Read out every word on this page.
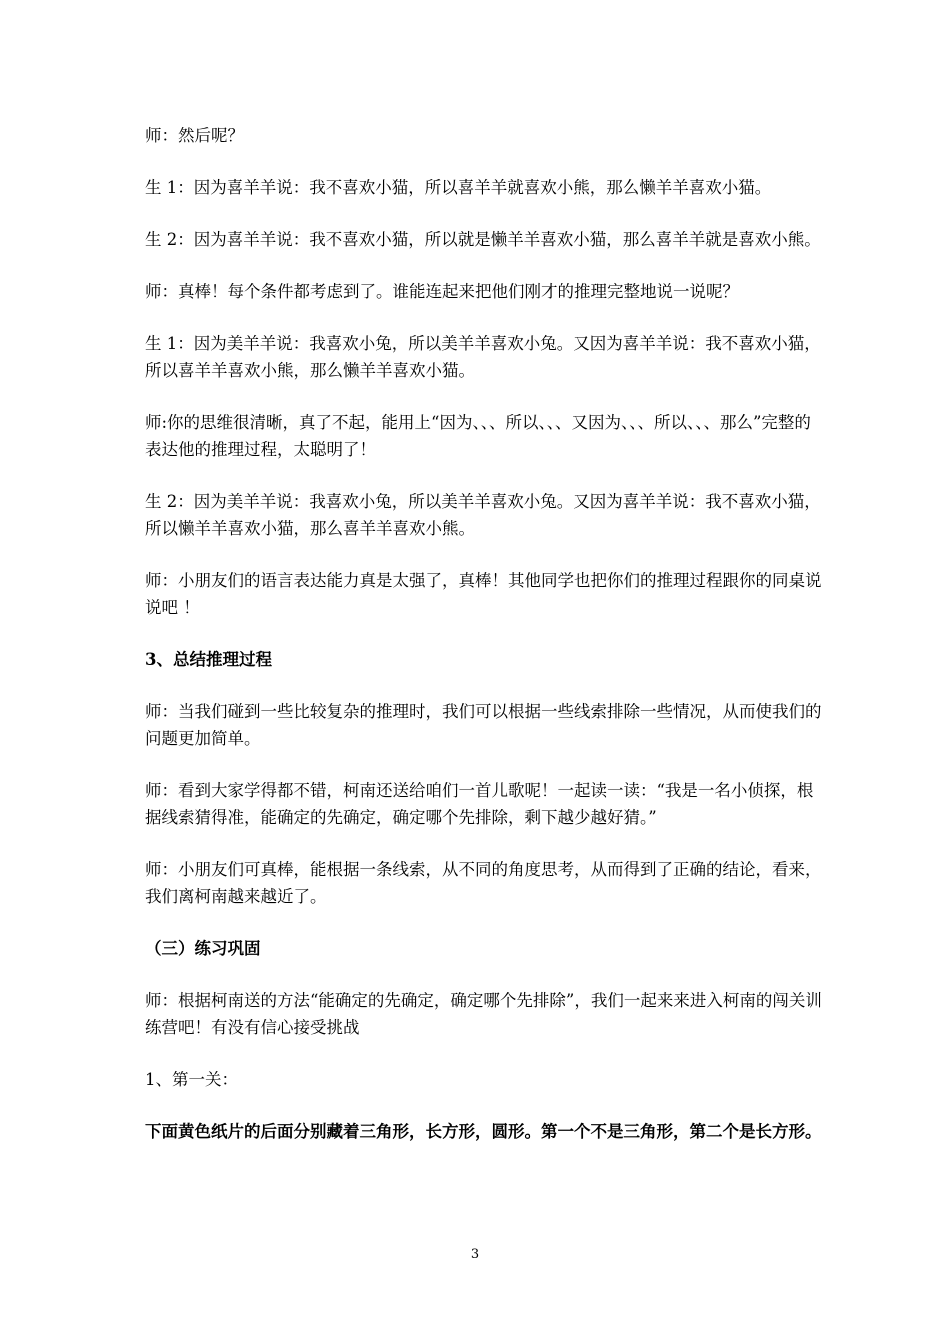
师：然后呢？

生 1：因为喜羊羊说：我不喜欢小猫，所以喜羊羊就喜欢小熊，那么懒羊羊喜欢小猫。

生 2：因为喜羊羊说：我不喜欢小猫，所以就是懒羊羊喜欢小猫，那么喜羊羊就是喜欢小熊。

师：真棒！每个条件都考虑到了。谁能连起来把他们刚才的推理完整地说一说呢？

生 1：因为美羊羊说：我喜欢小兔，所以美羊羊喜欢小兔。又因为喜羊羊说：我不喜欢小猫，所以喜羊羊喜欢小熊，那么懒羊羊喜欢小猫。

师:你的思维很清晰，真了不起，能用上“因为、、、所以、、、又因为、、、所以、、、那么”完整的表达他的推理过程，太聪明了！

生 2：因为美羊羊说：我喜欢小兔，所以美羊羊喜欢小兔。又因为喜羊羊说：我不喜欢小猫，所以懒羊羊喜欢小猫，那么喜羊羊喜欢小熊。

师：小朋友们的语言表达能力真是太强了，真棒！其他同学也把你们的推理过程跟你的同桌说说吧 ！

3、总结推理过程

师：当我们碰到一些比较复杂的推理时，我们可以根据一些线索排除一些情况，从而使我们的问题更加简单。

师：看到大家学得都不错，柯南还送给咱们一首儿歌呢！一起读一读：“我是一名小侦探，根据线索猜得准，能确定的先确定，确定哪个先排除，剩下越少越好猜。”

师：小朋友们可真棒，能根据一条线索，从不同的角度思考，从而得到了正确的结论，看来，我们离柯南越来越近了。

（三）练习巩固

师：根据柯南送的方法“能确定的先确定，确定哪个先排除”，我们一起来来进入柯南的闯关训练营吧！有没有信心接受挑战

1、第一关：

下面黄色纸片的后面分别藏着三角形，长方形，圆形。第一个不是三角形，第二个是长方形。

3
